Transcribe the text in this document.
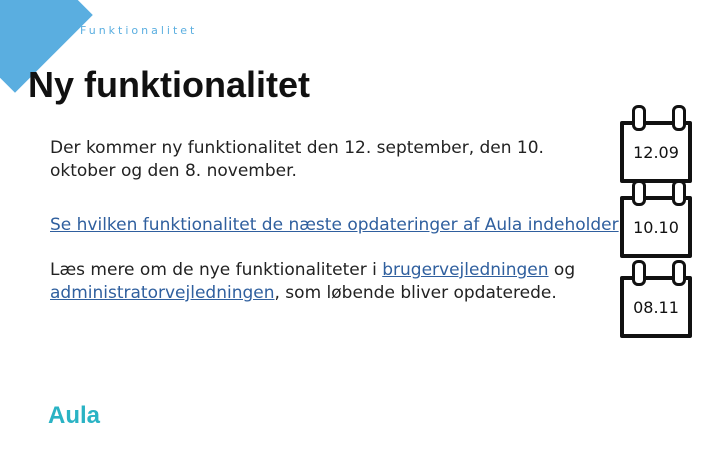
Funktionalitet
Ny funktionalitet
Der kommer ny funktionalitet den 12. september, den 10. oktober og den 8. november.
Se hvilken funktionalitet de næste opdateringer af Aula indeholder
Læs mere om de nye funktionaliteter i brugervejledningen og administratorvejledningen, som løbende bliver opdaterede.
12.09
10.10
08.11
Aula
